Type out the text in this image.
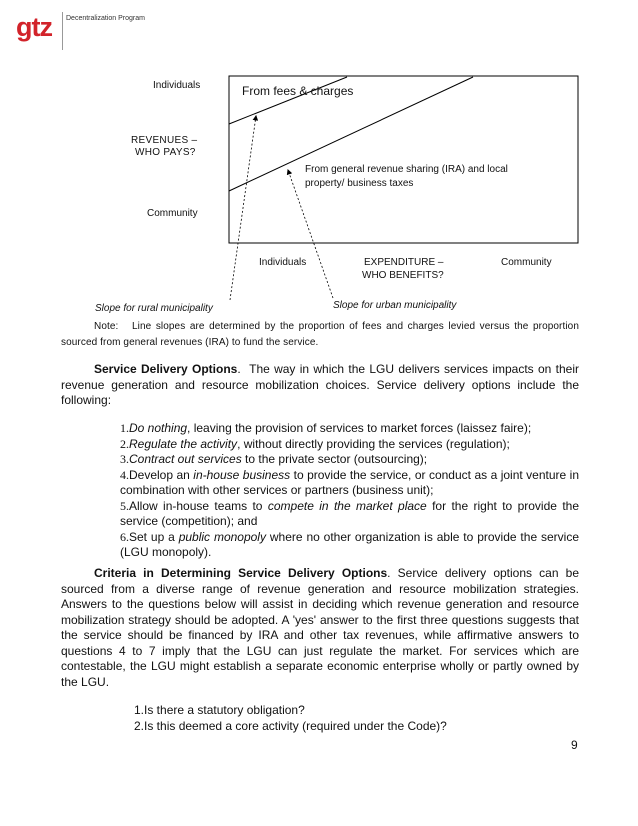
gtz Decentralization Program
Individuals
REVENUES –
WHO PAYS?
Community
From fees & charges
From general revenue sharing (IRA) and local
property/ business taxes
Individuals	EXPENDITURE –
WHO BENEFITS?
Community
Slope for rural municipality	Slope for urban municipality
Note: Line slopes are determined by the proportion of fees and charges levied versus the proportion sourced from general revenues (IRA) to fund the service.
Service Delivery Options.  The way in which the LGU delivers services impacts on their revenue generation and resource mobilization choices. Service delivery options include the following:
1.Do nothing, leaving the provision of services to market forces (laissez faire);
2.Regulate the activity, without directly providing the services (regulation);
3.Contract out services to the private sector (outsourcing);
4.Develop an in-house business to provide the service, or conduct as a joint venture in combination with other services or partners (business unit);
5.Allow in-house teams to compete in the market place for the right to provide the service (competition); and
6.Set up a public monopoly where no other organization is able to provide the service (LGU monopoly).
Criteria in Determining Service Delivery Options. Service delivery options can be sourced from a diverse range of revenue generation and resource mobilization strategies. Answers to the questions below will assist in deciding which revenue generation and resource mobilization strategy should be adopted. A 'yes' answer to the first three questions suggests that the service should be financed by IRA and other tax revenues, while affirmative answers to questions 4 to 7 imply that the LGU can just regulate the market. For services which are contestable, the LGU might establish a separate economic enterprise wholly or partly owned by the LGU.
1.Is there a statutory obligation?
2.Is this deemed a core activity (required under the Code)?
9
